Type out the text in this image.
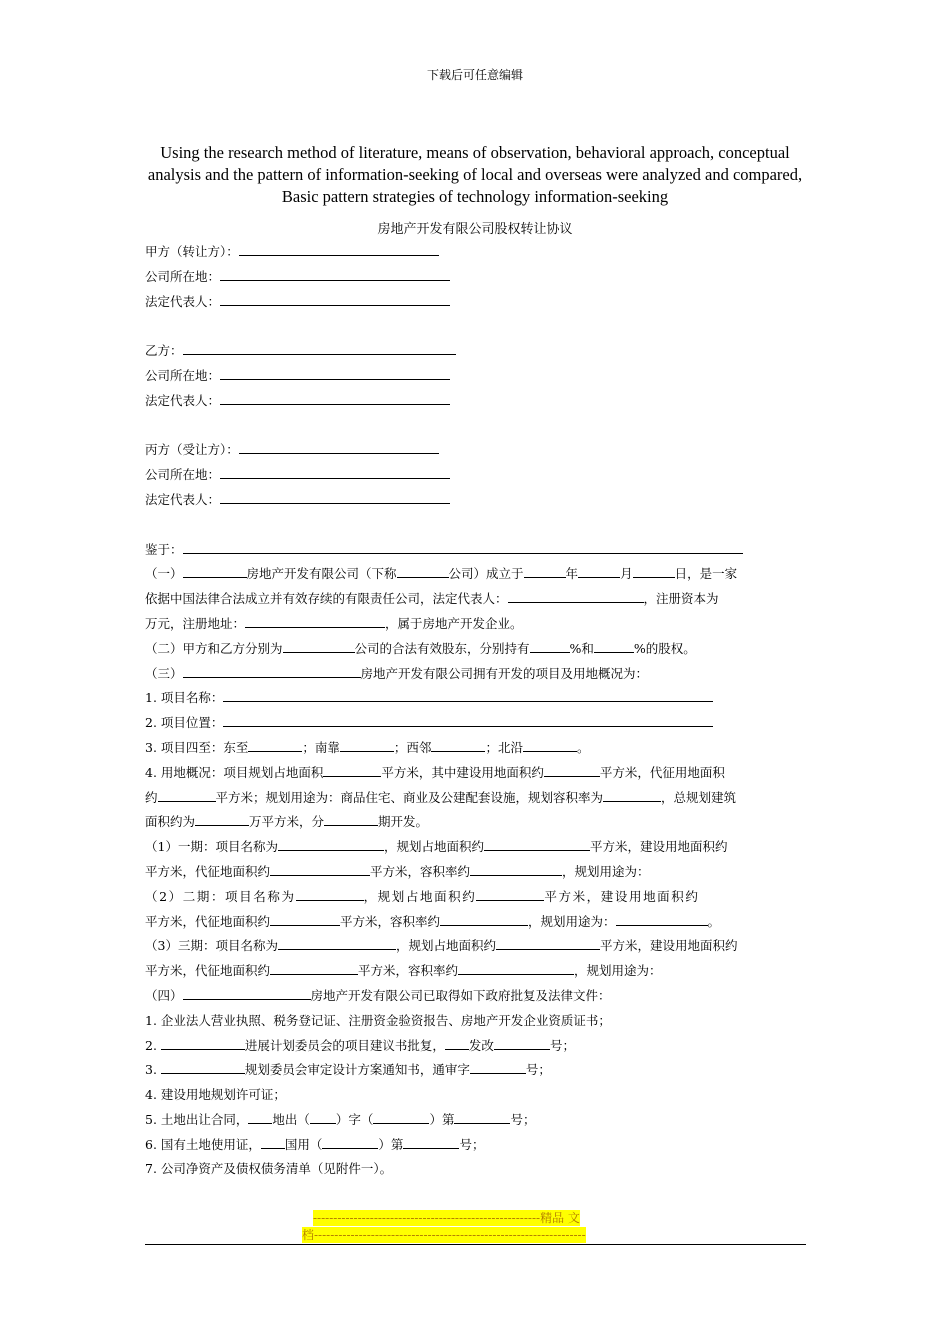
下载后可任意编辑
Using the research method of literature, means of observation, behavioral approach, conceptual analysis and the pattern of information-seeking of local and overseas were analyzed and compared, Basic pattern strategies of technology information-seeking
房地产开发有限公司股权转让协议
甲方（转让方）：
公司所在地：
法定代表人：
乙方：
公司所在地：
法定代表人：
丙方（受让方）：
公司所在地：
法定代表人：
鉴于：
（一）	房地产开发有限公司（下称	公司）成立于	年	月	日，是一家
依据中国法律合法成立并有效存续的有限责任公司，法定代表人：	，注册资本为
万元，注册地址：	，属于房地产开发企业。
（二）甲方和乙方分别为	公司的合法有效股东，分别持有	%和	%的股权。
（三）	房地产开发有限公司拥有开发的项目及用地概况为：
1. 项目名称：
2. 项目位置：
3. 项目四至：东至	；南靠	；西邻	；北沿	。
4. 用地概况：项目规划占地面积	平方米，其中建设用地面积约	平方米，代征用地面积
约	平方米；规划用途为：商品住宅、商业及公建配套设施，规划容积率为	，总规划建筑
面积约为	万平方米，分	期开发。
（1）一期：项目名称为	，规划占地面积约	平方米，建设用地面积约
平方米，代征地面积约	平方米，容积率约	，规划用途为：
（2）二期：项目名称为	，规划占地面积约	平方米，建设用地面积约
平方米，代征地面积约	平方米，容积率约	，规划用途为：	。
（3）三期：项目名称为	，规划占地面积约	平方米，建设用地面积约
平方米，代征地面积约	平方米，容积率约	，规划用途为：
（四）	房地产开发有限公司已取得如下政府批复及法律文件：
1. 企业法人营业执照、税务登记证、注册资金验资报告、房地产开发企业资质证书；
2.	进展计划委员会的项目建议书批复， 发改	号；
3.	规划委员会审定设计方案通知书，通审字	号；
4. 建设用地规划许可证；
5. 土地出让合同， 地出（ ）字（	）第	号；
6. 国有土地使用证， 国用（	）第	号；
7. 公司净资产及债权债务清单（见附件一）。
--------------------------------------------------------精品 文
档-------------------------------------------------------------------
